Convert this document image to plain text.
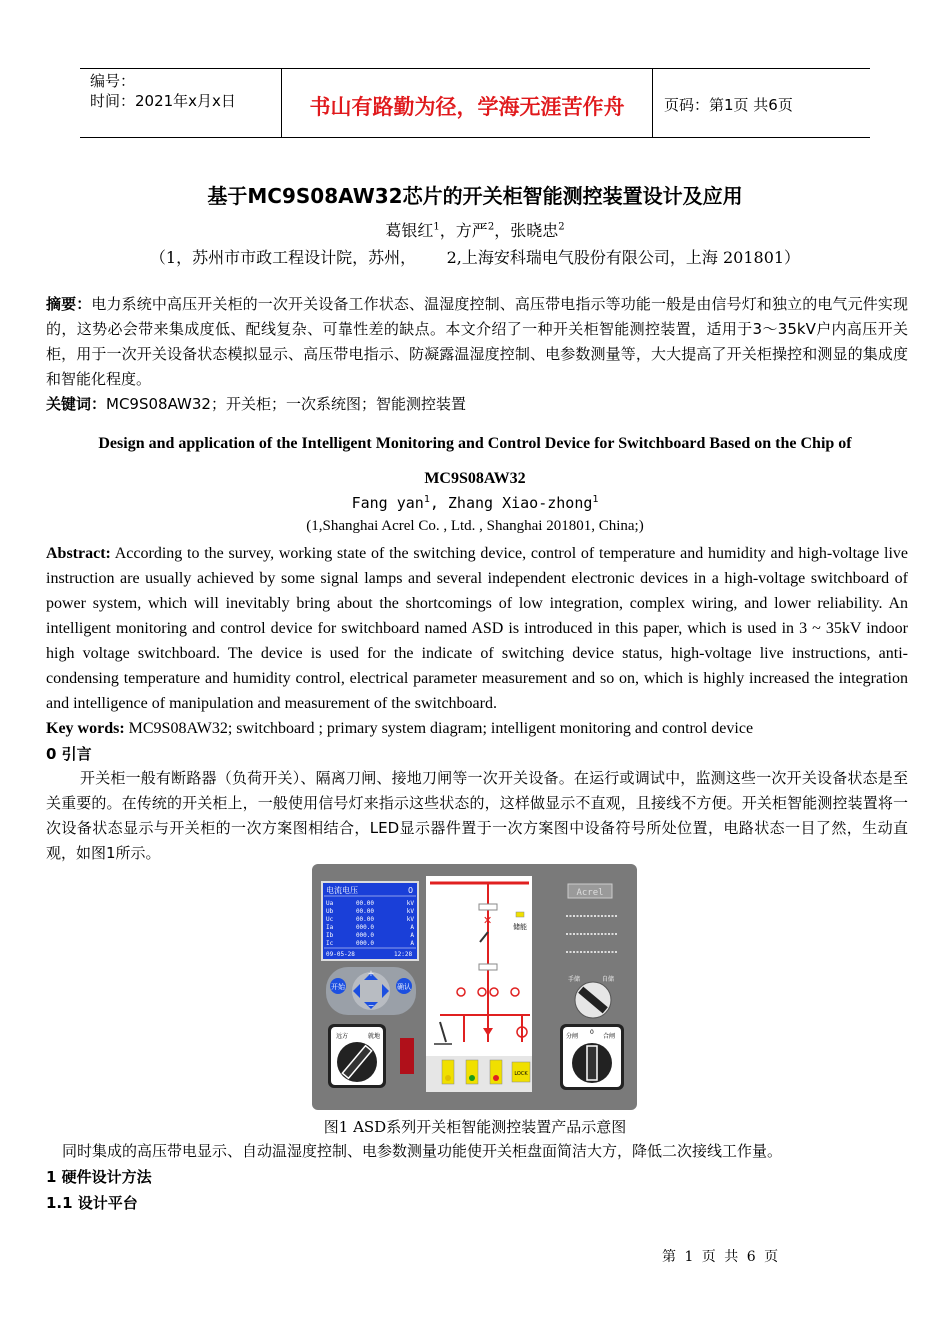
编号：
时间：2021年x月x日	书山有路勤为径，学海无涯苦作舟	页码：第1页 共6页
基于MC9S08AW32芯片的开关柜智能测控装置设计及应用
葛银红$^1$，方严$^2$，张晓忠$^2$
（1，苏州市市政工程设计院，苏州，      2,上海安科瑞电气股份有限公司，上海 201801）
摘要：电力系统中高压开关柜的一次开关设备工作状态、温湿度控制、高压带电指示等功能一般是由信号灯和独立的电气元件实现的，这势必会带来集成度低、配线复杂、可靠性差的缺点。本文介绍了一种开关柜智能测控装置，适用于3～35kV户内高压开关柜，用于一次开关设备状态模拟显示、高压带电指示、防凝露温湿度控制、电参数测量等，大大提高了开关柜操控和测显的集成度和智能化程度。
关键词：MC9S08AW32；开关柜；一次系统图；智能测控装置
Design and application of the Intelligent Monitoring and Control Device for Switchboard Based on the Chip of
MC9S08AW32
Fang yan$^1$, Zhang Xiao-zhong$^1$
(1,Shanghai Acrel Co. , Ltd. , Shanghai 201801, China;)
Abstract: According to the survey, working state of the switching device, control of temperature and humidity and high-voltage live instruction are usually achieved by some signal lamps and several independent electronic devices in a high-voltage switchboard of power system, which will inevitably bring about the shortcomings of low integration, complex wiring, and lower reliability. An intelligent monitoring and control device for switchboard named ASD is introduced in this paper, which is used in 3 ~ 35kV indoor high voltage switchboard. The device is used for the indicate of switching device status, high-voltage live instructions, anti-condensing temperature and humidity control, electrical parameter measurement and so on, which is highly increased the integration and intelligence of manipulation and measurement of the switchboard.
Key words: MC9S08AW32; switchboard ; primary system diagram; intelligent monitoring and control device
0 引言
开关柜一般有断路器（负荷开关）、隔离刀闸、接地刀闸等一次开关设备。在运行或调试中，监测这些一次开关设备状态是至关重要的。在传统的开关柜上，一般使用信号灯来指示这些状态的，这样做显示不直观，且接线不方便。开关柜智能测控装置将一次设备状态显示与开关柜的一次方案图相结合，LED显示器件置于一次方案图中设备符号所处位置，电路状态一目了然，生动直观，如图1所示。
电流电压	0
Ua	00.00	kV
Ub	00.00	kV
Uc	00.00	kV
Ia	000.0	A
Ib	000.0	A
Ic	000.0	A
09-05-28	12:28
+
−
开始	确认
远方	就地
✕	储能
LOCK
Acrel
手储	自储
分闸
0
合闸
图1 ASD系列开关柜智能测控装置产品示意图
同时集成的高压带电显示、自动温湿度控制、电参数测量功能使开关柜盘面简洁大方，降低二次接线工作量。
1 硬件设计方法
1.1 设计平台
第 1 页 共 6 页
